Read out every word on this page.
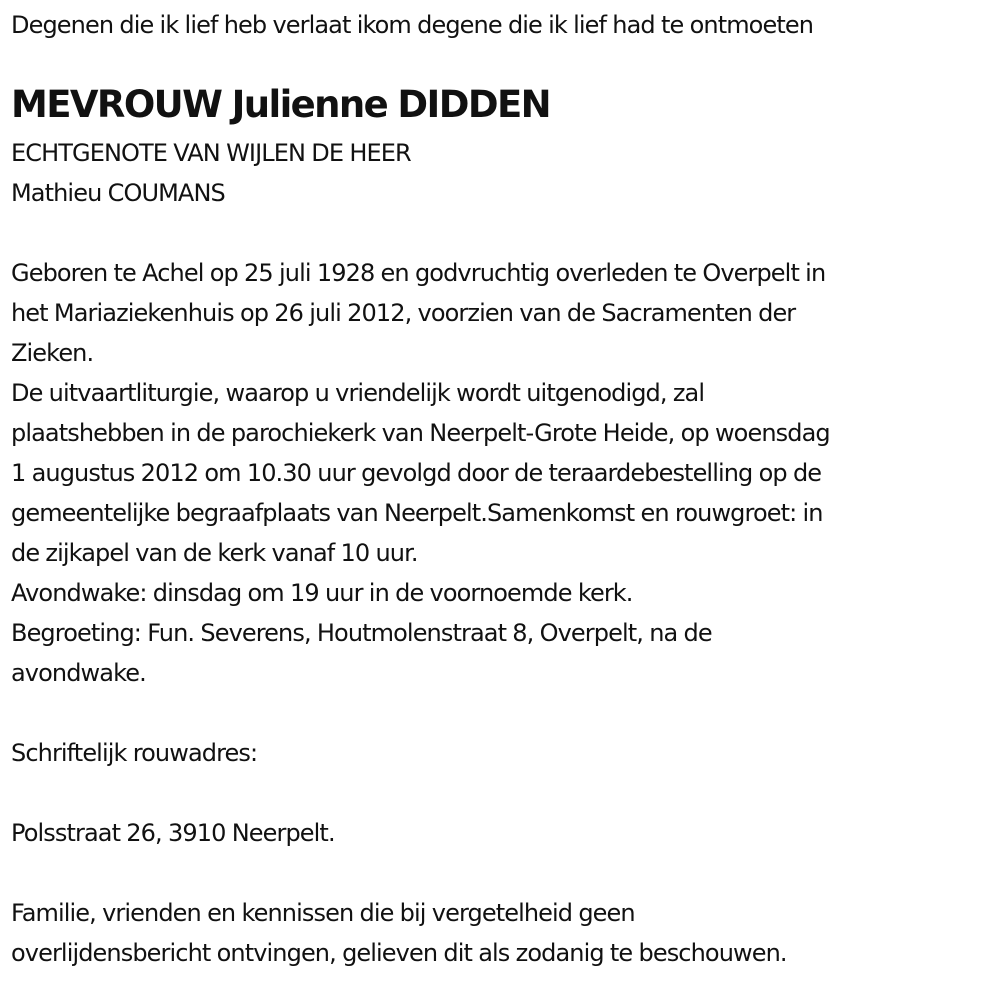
Degenen die ik lief heb verlaat ikom degene die ik lief had te ontmoeten
MEVROUW Julienne DIDDEN
ECHTGENOTE VAN WIJLEN DE HEER
Mathieu COUMANS
Geboren te Achel op 25 juli 1928 en godvruchtig overleden te Overpelt in
het Mariaziekenhuis op 26 juli 2012, voorzien van de Sacramenten der
Zieken.
De uitvaartliturgie, waarop u vriendelijk wordt uitgenodigd, zal
plaatshebben in de parochiekerk van Neerpelt-Grote Heide, op woensdag
1 augustus 2012 om 10.30 uur gevolgd door de teraardebestelling op de
gemeentelijke begraafplaats van Neerpelt.Samenkomst en rouwgroet: in
de zijkapel van de kerk vanaf 10 uur.
Avondwake: dinsdag om 19 uur in de voornoemde kerk.
Begroeting: Fun. Severens, Houtmolenstraat 8, Overpelt, na de
avondwake.
Schriftelijk rouwadres:
Polsstraat 26, 3910 Neerpelt.
Familie, vrienden en kennissen die bij vergetelheid geen
overlijdensbericht ontvingen, gelieven dit als zodanig te beschouwen.
